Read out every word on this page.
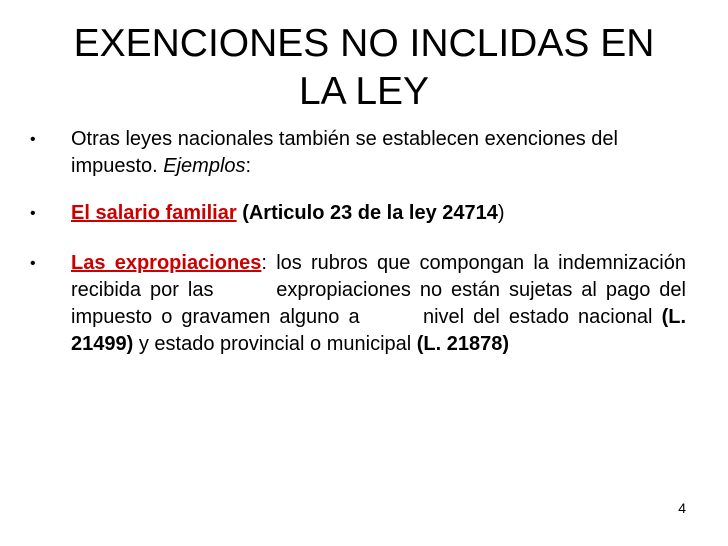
EXENCIONES NO INCLIDAS EN
LA LEY
• Otras leyes nacionales también se establecen exenciones del impuesto. Ejemplos:
• El salario familiar (Articulo 23 de la ley 24714)
• Las expropiaciones: los rubros que compongan la indemnización recibida por las       expropiaciones no están sujetas al pago del impuesto o gravamen alguno a       nivel del estado nacional (L. 21499) y estado provincial o municipal (L. 21878)
4
